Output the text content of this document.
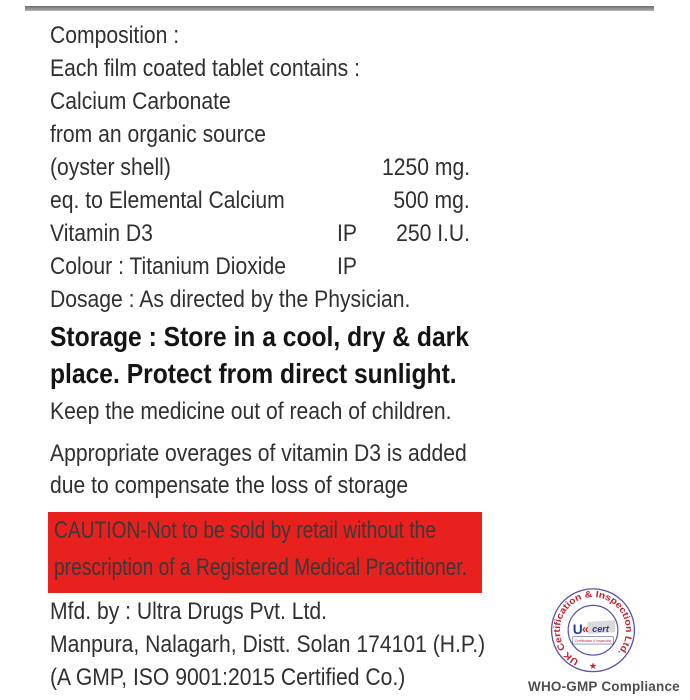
Composition :
Each film coated tablet contains :
Calcium Carbonate
from an organic source
(oyster shell)	1250 mg.
eq. to Elemental Calcium	500 mg.
Vitamin D3	IP 250 I.U.
Colour : Titanium Dioxide IP
Dosage : As directed by the Physician.
Storage : Store in a cool, dry & dark
place. Protect from direct sunlight.
Keep the medicine out of reach of children.
Appropriate overages of vitamin D3 is added
due to compensate the loss of storage
CAUTION-Not to be sold by retail without the
prescription of a Registered Medical Practitioner.
Mfd. by : Ultra Drugs Pvt. Ltd.
Manpura, Nalagarh, Distt. Solan 174101 (H.P.)
(A GMP, ISO 9001:2015 Certified Co.)
UK Certification & Inspection Ltd.
★
U « cert
Certification & Inspection
WHO-GMP Compliance
